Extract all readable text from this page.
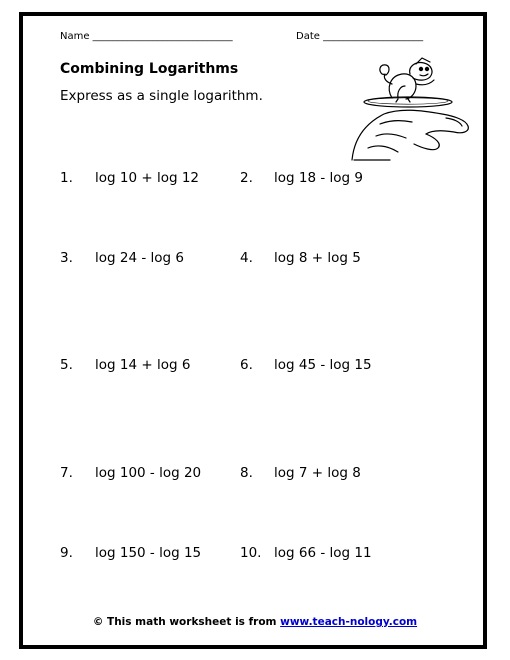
Name ____________________________	Date ____________________
Combining Logarithms
Express as a single logarithm.
1. log 10 + log 12	2. log 18 - log 9
3. log 24 - log 6	4. log 8 + log 5
5. log 14 + log 6	6. log 45 - log 15
7. log 100 - log 20	8. log 7 + log 8
9. log 150 - log 15	10. log 66 - log 11
© This math worksheet is from www.teach-nology.com
